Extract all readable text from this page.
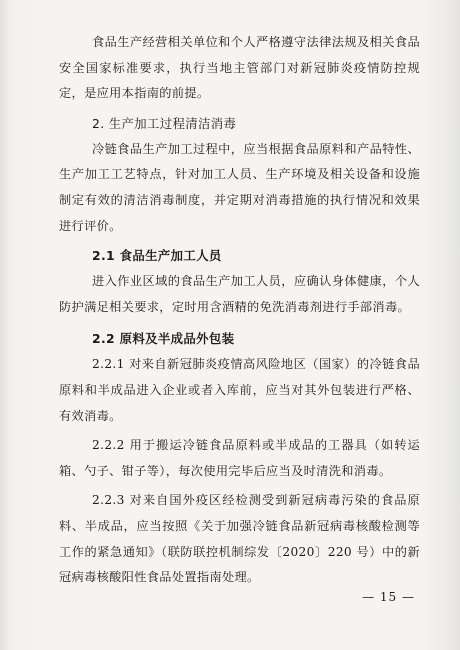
食品生产经营相关单位和个人严格遵守法律法规及相关食品安全国家标准要求，执行当地主管部门对新冠肺炎疫情防控规定，是应用本指南的前提。

2. 生产加工过程清洁消毒

冷链食品生产加工过程中，应当根据食品原料和产品特性、生产加工工艺特点，针对加工人员、生产环境及相关设备和设施制定有效的清洁消毒制度，并定期对消毒措施的执行情况和效果进行评价。

2.1 食品生产加工人员

进入作业区域的食品生产加工人员，应确认身体健康，个人防护满足相关要求，定时用含酒精的免洗消毒剂进行手部消毒。

2.2 原料及半成品外包装

2.2.1 对来自新冠肺炎疫情高风险地区（国家）的冷链食品原料和半成品进入企业或者入库前，应当对其外包装进行严格、有效消毒。

2.2.2 用于搬运冷链食品原料或半成品的工器具（如转运箱、勺子、钳子等），每次使用完毕后应当及时清洗和消毒。

2.2.3 对来自国外疫区经检测受到新冠病毒污染的食品原料、半成品，应当按照《关于加强冷链食品新冠病毒核酸检测等工作的紧急通知》（联防联控机制综发〔2020〕220 号）中的新冠病毒核酸阳性食品处置指南处理。

— 15 —
